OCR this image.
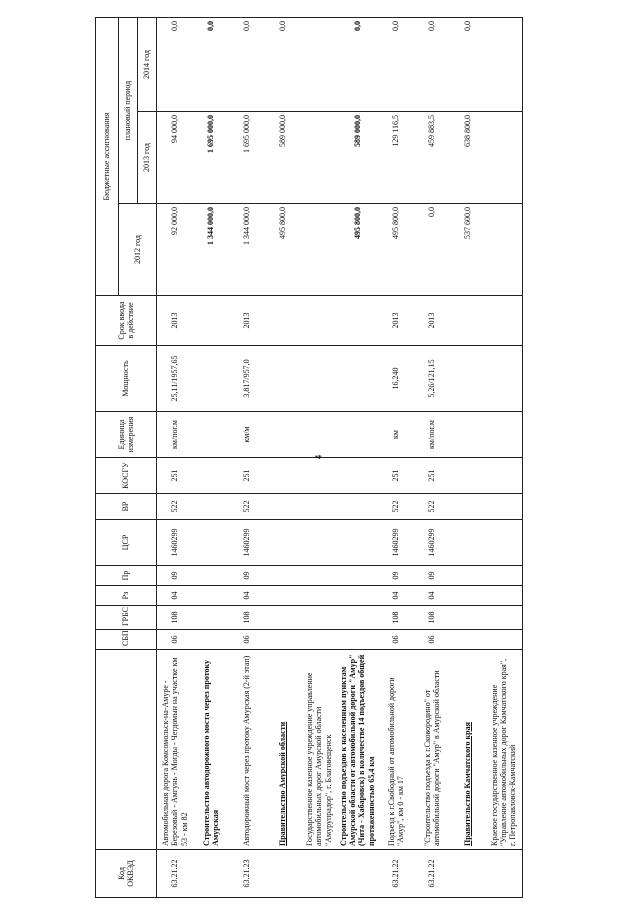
Код ОКВЭД		СБП	ГРБС	Рз	Пр	ЦСР	ВР	КОСГУ	Единица измерения	Мощность	Срок ввода в действие	Бюджетные ассигнования		
												2012 год	плановый период	
													2013 год	2014 год
63.21.22	Автомобильная дорога Комсомольск-на-Амуре - Березовый - Амгунь - Могды - Чегдомын на участке км 53 - км 82	06	108	04	09	1460299	522	251	км/пог.м	25,11/1957,65	2013	92 000,0	94 000,0	0,0
	Строительство автодорожного моста через протоку Амурская											1 344 000,0	1 695 000,0	0,0
63.21.23	Автодорожный мост через протоку Амурская (2-й этап)	06	108	04	09	1460299	522	251	км/м	3,817/957,0	2013	1 344 000,0	1 695 000,0	0,0
	Правительство Амурской области											495 800,0	589 000,0	0,0
	Государственное казенное учреждение управление автомобильных дорог Амурской области "Амурупрадор", г. Благовещенск													
	Строительство подъездов к населенным пунктам Амурской области от автомобильной дороги "Амур" (Чита - Хабаровск) в количестве 14 подъездов общей протяженностью 65,4 км											495 800,0	589 000,0	0,0
63.21.22	Подъезд к г.Свободный от автомобильной дороги "Амур", км 0 - км 17	06	108	04	09	1460299	522	251	км	16,240	2013	495 800,0	129 116,5	0,0
63.21.22	"Строительство подъезда к г.Сковородино" от автомобильной дороги "Амур" в Амурской области	06	108	04	09	1460299	522	251	км/пог.м	5,26/121,15	2013	0,0	459 883,5	0,0
	Правительство Камчатского края											537 600,0	638 800,0	0,0
	Краевое государственное казенное учреждение "Управление автомобильных дорог Камчатского края", г. Петропавловск-Камчатский													
4
